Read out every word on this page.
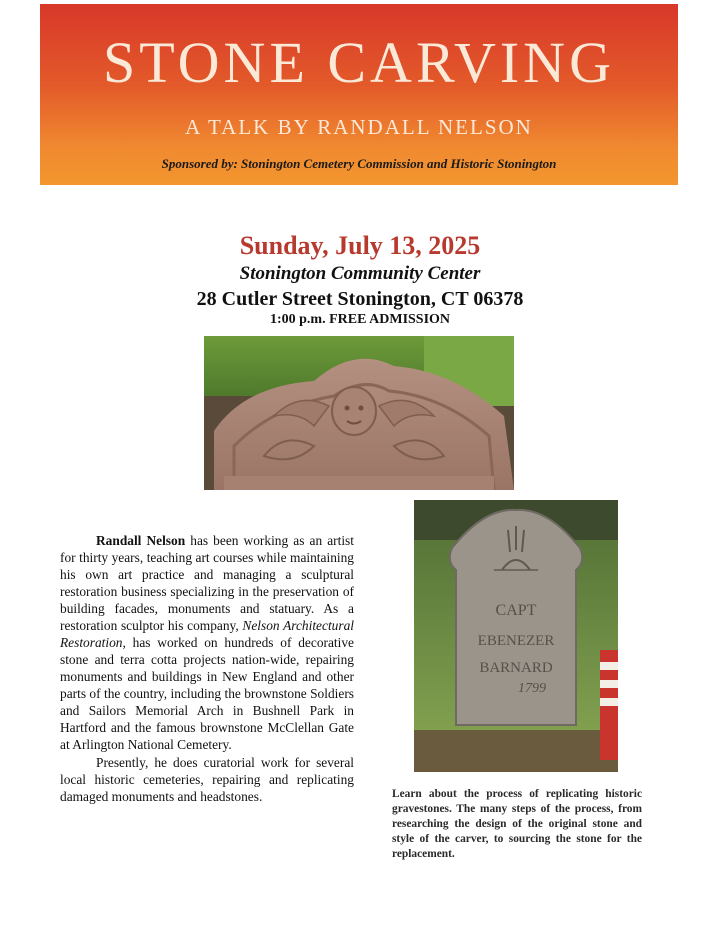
STONE CARVING
A TALK BY RANDALL NELSON
Sponsored by: Stonington Cemetery Commission and Historic Stonington
Sunday, July 13, 2025
Stonington Community Center
28 Cutler Street Stonington, CT 06378
1:00 p.m. FREE ADMISSION
CAPT
EBENEZER
BARNARD
1799

Randall Nelson has been working as an artist for thirty years, teaching art courses while maintaining his own art practice and managing a sculptural restoration business specializing in the preservation of building facades, monuments and statuary. As a restoration sculptor his company, Nelson Architectural Restoration, has worked on hundreds of decorative stone and terra cotta projects nation-wide, repairing monuments and buildings in New England and other parts of the country, including the brownstone Soldiers and Sailors Memorial Arch in Bushnell Park in Hartford and the famous brownstone McClellan Gate at Arlington National Cemetery.

Presently, he does curatorial work for several local historic cemeteries, repairing and replicating damaged monuments and headstones.	Learn about the process of replicating historic gravestones. The many steps of the process, from researching the design of the original stone and style of the carver, to sourcing the stone for the replacement.
